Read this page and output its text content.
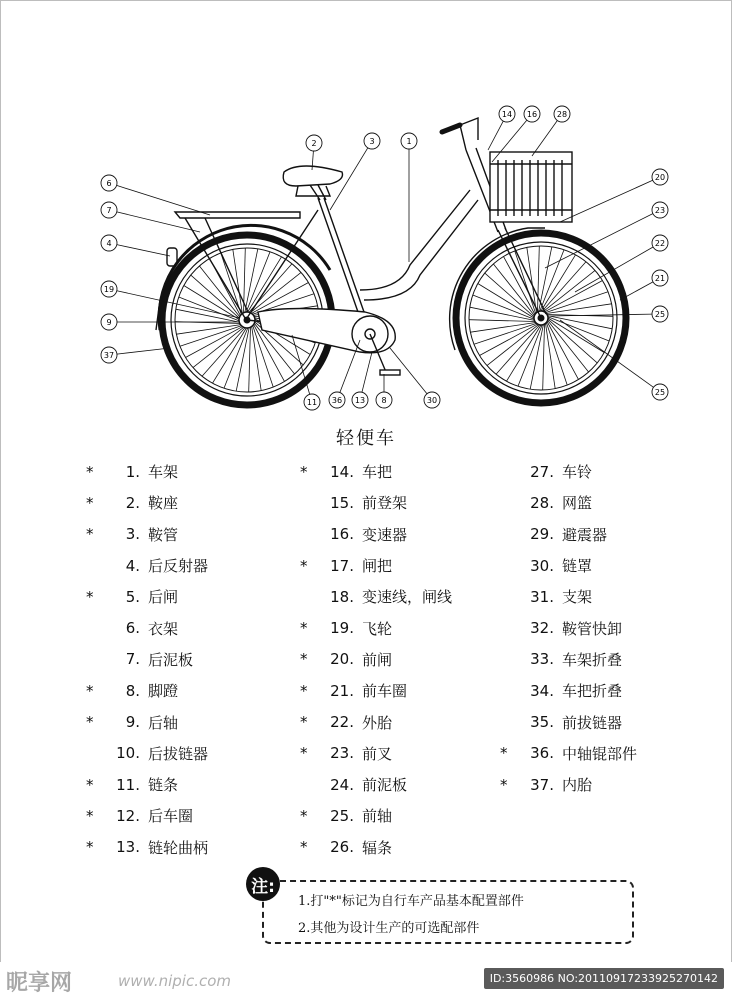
14 16 28
2	3	1
20
6
7	23
4	22
21
19
9
25
37
36 13 8	30
11
25
轻便车
*	1. 车架
*	2. 鞍座
*	3. 鞍管
4. 后反射器
*	5. 后闸
6. 衣架
7. 后泥板
*	8. 脚蹬
*	9. 后轴
10. 后拔链器
*	11. 链条
*	12. 后车圈
*	13. 链轮曲柄
*	14. 车把
15. 前登架
16. 变速器
*	17. 闸把
18. 变速线，闸线
*	19. 飞轮
*	20. 前闸
*	21. 前车圈
*	22. 外胎
*	23. 前叉
24. 前泥板
*	25. 前轴
*	26. 辐条
27. 车铃
28. 网篮
29. 避震器
30. 链罩
31. 支架
32. 鞍管快卸
33. 车架折叠
34. 车把折叠
35. 前拔链器
*	36. 中轴锟部件
*	37. 内胎
1.打"*"标记为自行车产品基本配置部件
2.其他为设计生产的可选配部件
注:
昵享网	www.nipic.com	ID:3560986 NO:20110917233925270142
